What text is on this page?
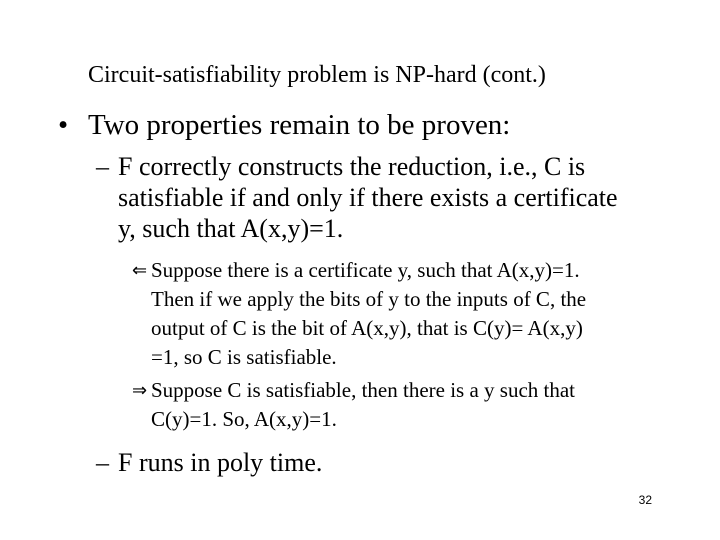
Circuit-satisfiability problem is NP-hard (cont.)
• Two properties remain to be proven:
– F correctly constructs the reduction, i.e., C is
satisfiable if and only if there exists a certificate
y, such that A(x,y)=1.
⇐ Suppose there is a certificate y, such that A(x,y)=1.
Then if we apply the bits of y to the inputs of C, the
output of C is the bit of A(x,y), that is C(y)= A(x,y)
=1, so C is satisfiable.
⇒ Suppose C is satisfiable, then there is a y such that
C(y)=1. So, A(x,y)=1.
– F runs in poly time.
32
